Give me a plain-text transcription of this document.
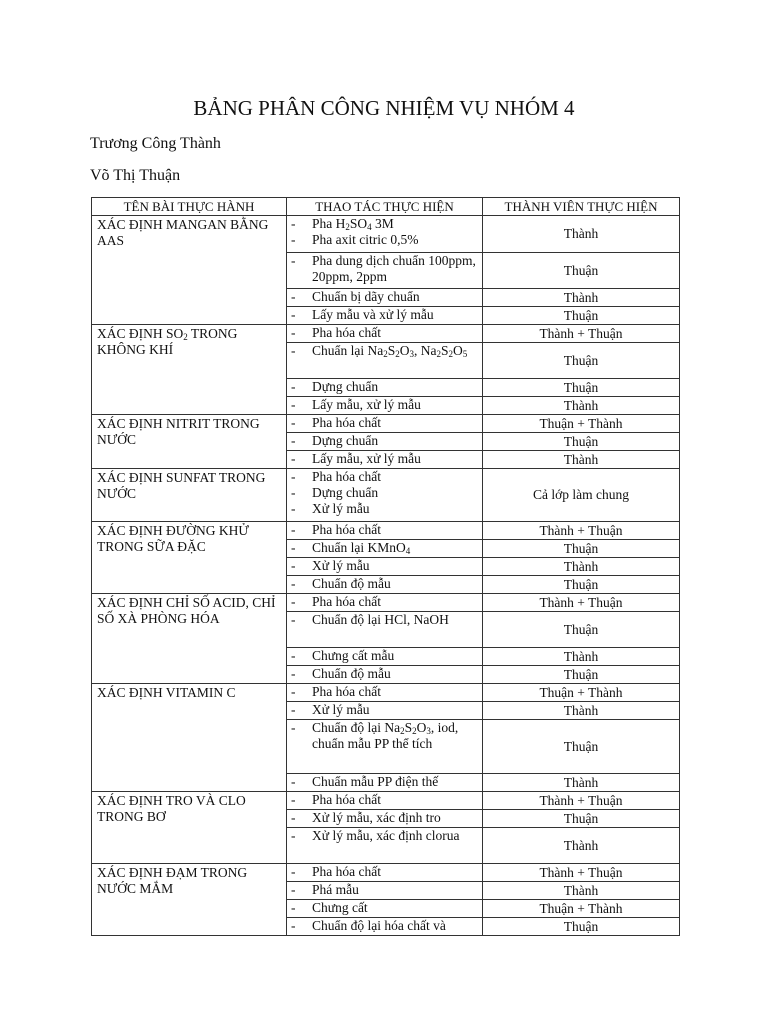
BẢNG PHÂN CÔNG NHIỆM VỤ NHÓM 4
Trương Công Thành
Võ Thị Thuận
TÊN BÀI THỰC HÀNH	THAO TÁC THỰC HIỆN	THÀNH VIÊN THỰC HIỆN
XÁC ĐỊNH MANGAN BẰNG AAS	- Pha $H_2SO_4$ 3M
- Pha axit citric 0,5%	Thành

	- Pha dung dịch chuẩn 100ppm, 20ppm, 2ppm	Thuận

	- Chuẩn bị dãy chuẩn	Thành

	- Lấy mẫu và xử lý mẫu	Thuận
XÁC ĐỊNH $SO_2$ TRONG KHÔNG KHÍ	- Pha hóa chất	Thành + Thuận

	- Chuẩn lại $Na_2S_2O_3$, $Na_2S_2O_5$	Thuận

	- Dựng chuẩn	Thuận

	- Lấy mẫu, xử lý mẫu	Thành
XÁC ĐỊNH NITRIT TRONG NƯỚC	- Pha hóa chất	Thuận + Thành

	- Dựng chuẩn	Thuận

	- Lấy mẫu, xử lý mẫu	Thành
XÁC ĐỊNH SUNFAT TRONG NƯỚC	- Pha hóa chất
- Dựng chuẩn
- Xử lý mẫu	Cả lớp làm chung
XÁC ĐỊNH ĐƯỜNG KHỬ TRONG SỮA ĐẶC	- Pha hóa chất	Thành + Thuận

	- Chuẩn lại KMnO$_4$	Thuận

	- Xử lý mẫu	Thành

	- Chuẩn độ mẫu	Thuận
XÁC ĐỊNH CHỈ SỐ ACID, CHỈ SỐ XÀ PHÒNG HÓA	- Pha hóa chất	Thành + Thuận

	- Chuẩn độ lại HCl, NaOH	Thuận

	- Chưng cất mẫu	Thành

	- Chuẩn độ mẫu	Thuận
XÁC ĐỊNH VITAMIN C	- Pha hóa chất	Thuận + Thành

	- Xử lý mẫu	Thành

	- Chuẩn độ lại $Na_2S_2O_3$, iod, chuẩn mẫu PP thể tích	Thuận

	- Chuẩn mẫu PP điện thế	Thành
XÁC ĐỊNH TRO VÀ CLO TRONG BƠ	- Pha hóa chất	Thành + Thuận

	- Xử lý mẫu, xác định tro	Thuận

	- Xử lý mẫu, xác định clorua	Thành
XÁC ĐỊNH ĐẠM TRONG NƯỚC MẮM	- Pha hóa chất	Thành + Thuận

	- Phá mẫu	Thành

	- Chưng cất	Thuận + Thành

	- Chuẩn độ lại hóa chất và	Thuận
